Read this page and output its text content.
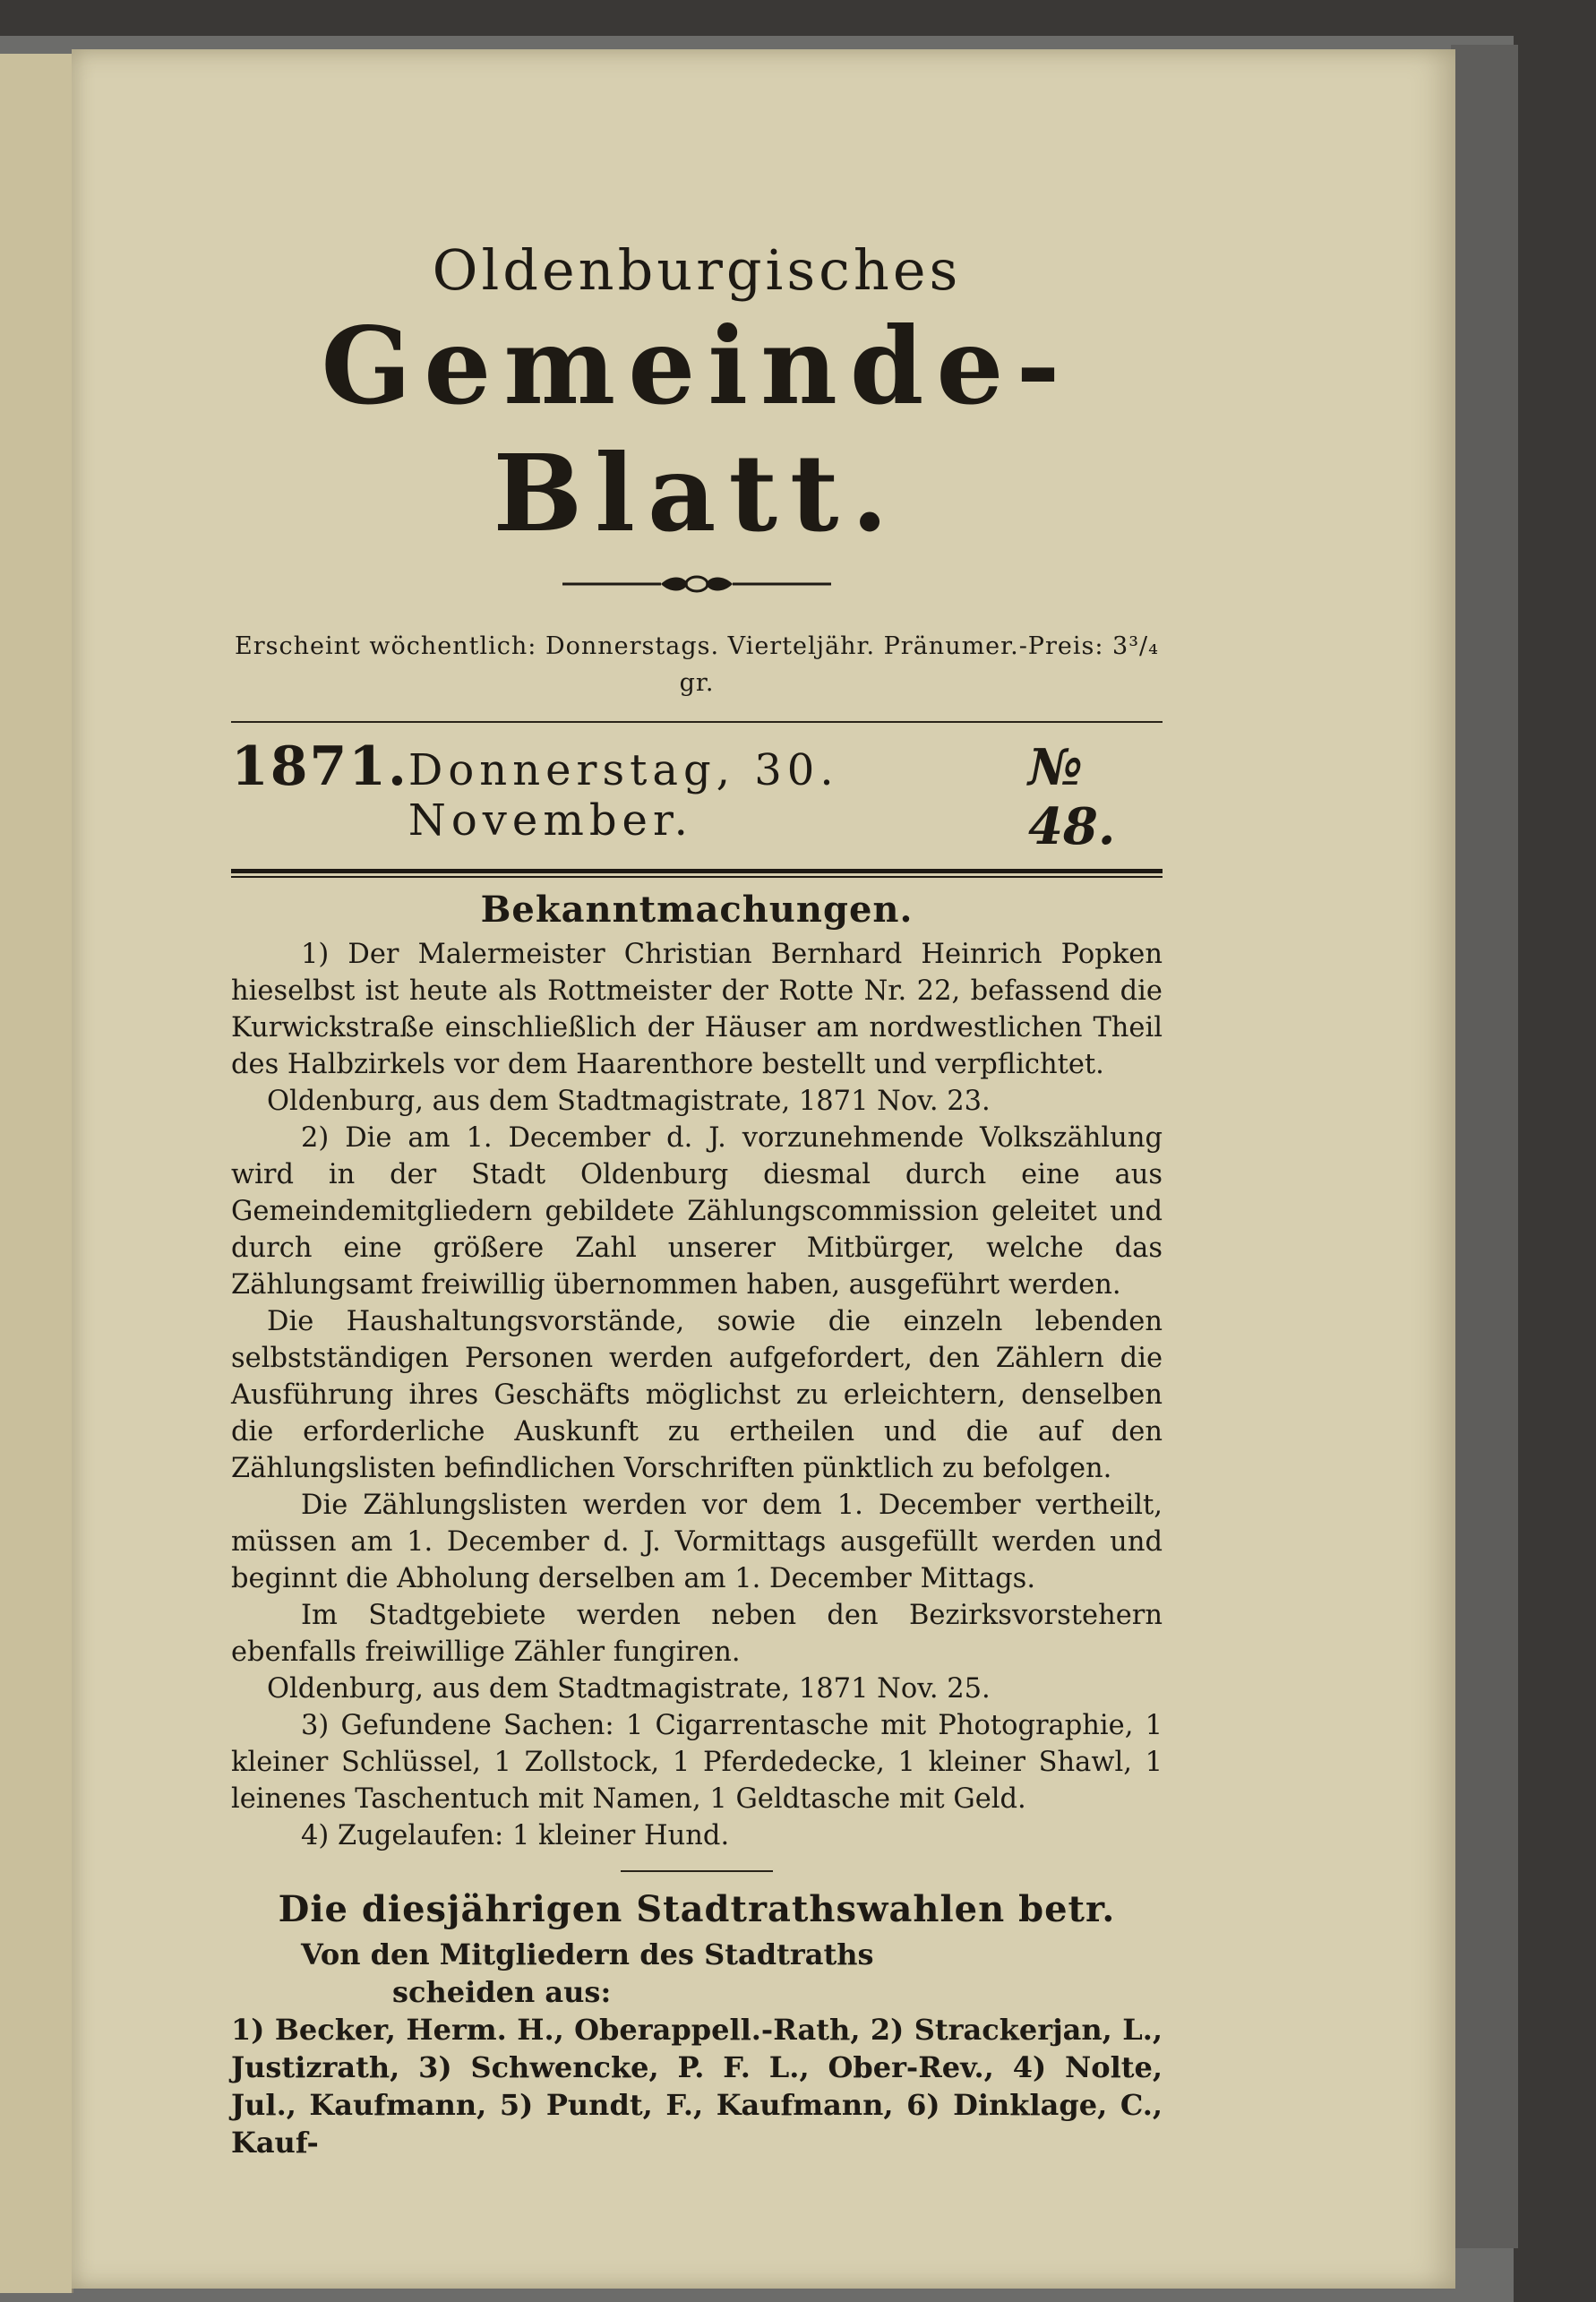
Oldenburgisches
Gemeinde-Blatt.

Erscheint wöchentlich: Donnerstags. Vierteljähr. Pränumer.-Preis: 3³/₄ gr.

1871. Donnerstag, 30. November.
№ 48.
Bekanntmachungen.

1) Der Malermeister Christian Bernhard Heinrich Popken hieselbst ist heute als Rottmeister der Rotte Nr. 22, befassend die Kurwickstraße einschließlich der Häuser am nordwestlichen Theil des Halbzirkels vor dem Haarenthore bestellt und verpflichtet.

Oldenburg, aus dem Stadtmagistrate, 1871 Nov. 23.

2) Die am 1. December d. J. vorzunehmende Volkszählung wird in der Stadt Oldenburg diesmal durch eine aus Gemeindemitgliedern gebildete Zählungscommission geleitet und durch eine größere Zahl unserer Mitbürger, welche das Zählungsamt freiwillig übernommen haben, ausgeführt werden.

Die Haushaltungsvorstände, sowie die einzeln lebenden selbstständigen Personen werden aufgefordert, den Zählern die Ausführung ihres Geschäfts möglichst zu erleichtern, denselben die erforderliche Auskunft zu ertheilen und die auf den Zählungslisten befindlichen Vorschriften pünktlich zu befolgen.

Die Zählungslisten werden vor dem 1. December vertheilt, müssen am 1. December d. J. Vormittags ausgefüllt werden und beginnt die Abholung derselben am 1. December Mittags.

Im Stadtgebiete werden neben den Bezirksvorstehern ebenfalls freiwillige Zähler fungiren.

Oldenburg, aus dem Stadtmagistrate, 1871 Nov. 25.

3) Gefundene Sachen: 1 Cigarrentasche mit Photographie, 1 kleiner Schlüssel, 1 Zollstock, 1 Pferdedecke, 1 kleiner Shawl, 1 leinenes Taschentuch mit Namen, 1 Geldtasche mit Geld.

4) Zugelaufen: 1 kleiner Hund.

Die diesjährigen Stadtrathswahlen betr.

Von den Mitgliedern des Stadtraths

scheiden aus:

1) Becker, Herm. H., Oberappell.-Rath, 2) Strackerjan, L., Justizrath, 3) Schwencke, P. F. L., Ober-Rev., 4) Nolte, Jul., Kaufmann, 5) Pundt, F., Kaufmann, 6) Dinklage, C., Kauf-
